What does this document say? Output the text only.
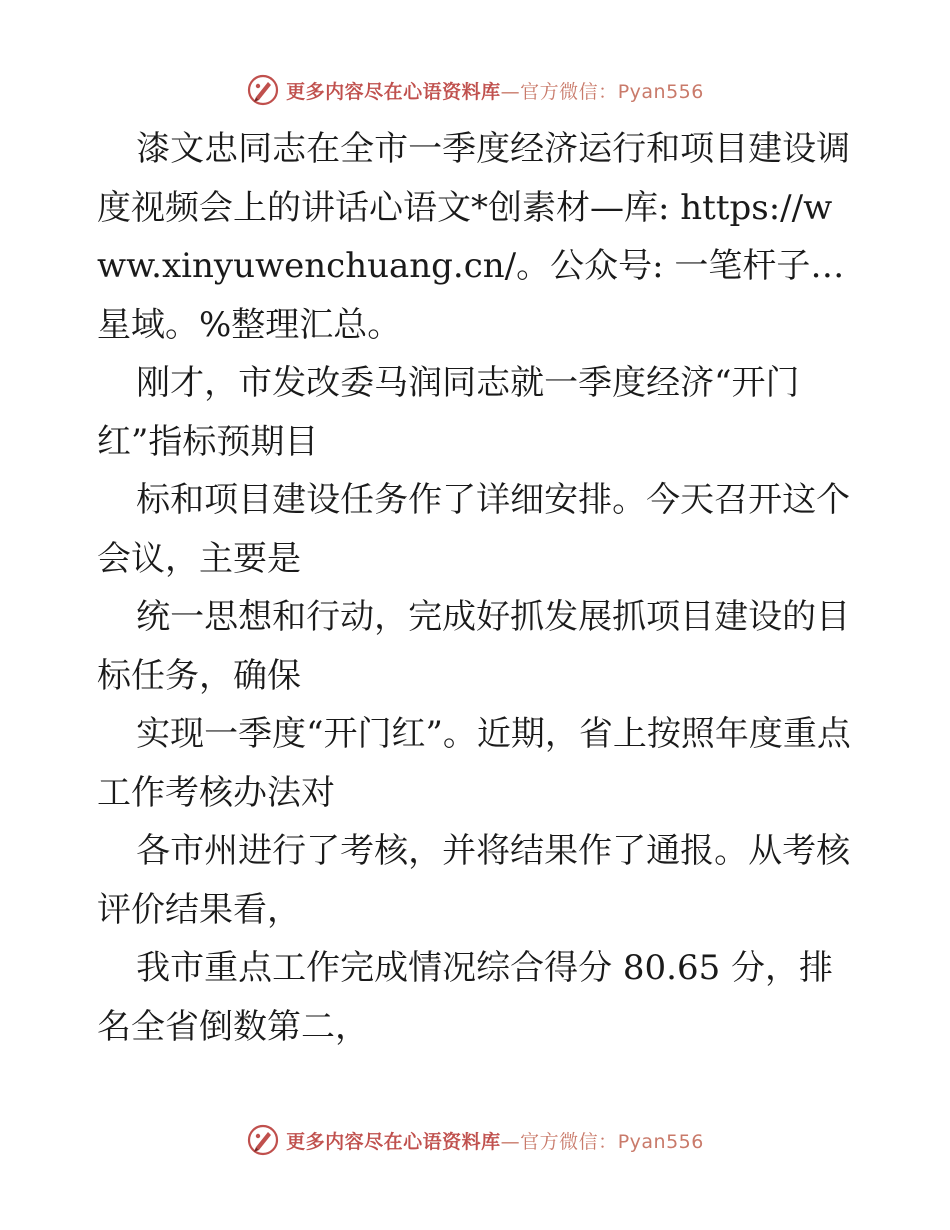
更多内容尽在心语资料库—官方微信：Pyan556

漆文忠同志在全市一季度经济运行和项目建设调度视频会上的讲话心语文*创素材—库: https://www.xinyuwenchuang.cn/。公众号: 一笔杆子…星域。%整理汇总。

刚才，市发改委马润同志就一季度经济“开门红”指标预期目

标和项目建设任务作了详细安排。今天召开这个会议，主要是

统一思想和行动，完成好抓发展抓项目建设的目标任务，确保

实现一季度“开门红”。近期，省上按照年度重点工作考核办法对

各市州进行了考核，并将结果作了通报。从考核评价结果看，

我市重点工作完成情况综合得分 80.65 分，排名全省倒数第二，

更多内容尽在心语资料库—官方微信：Pyan556
